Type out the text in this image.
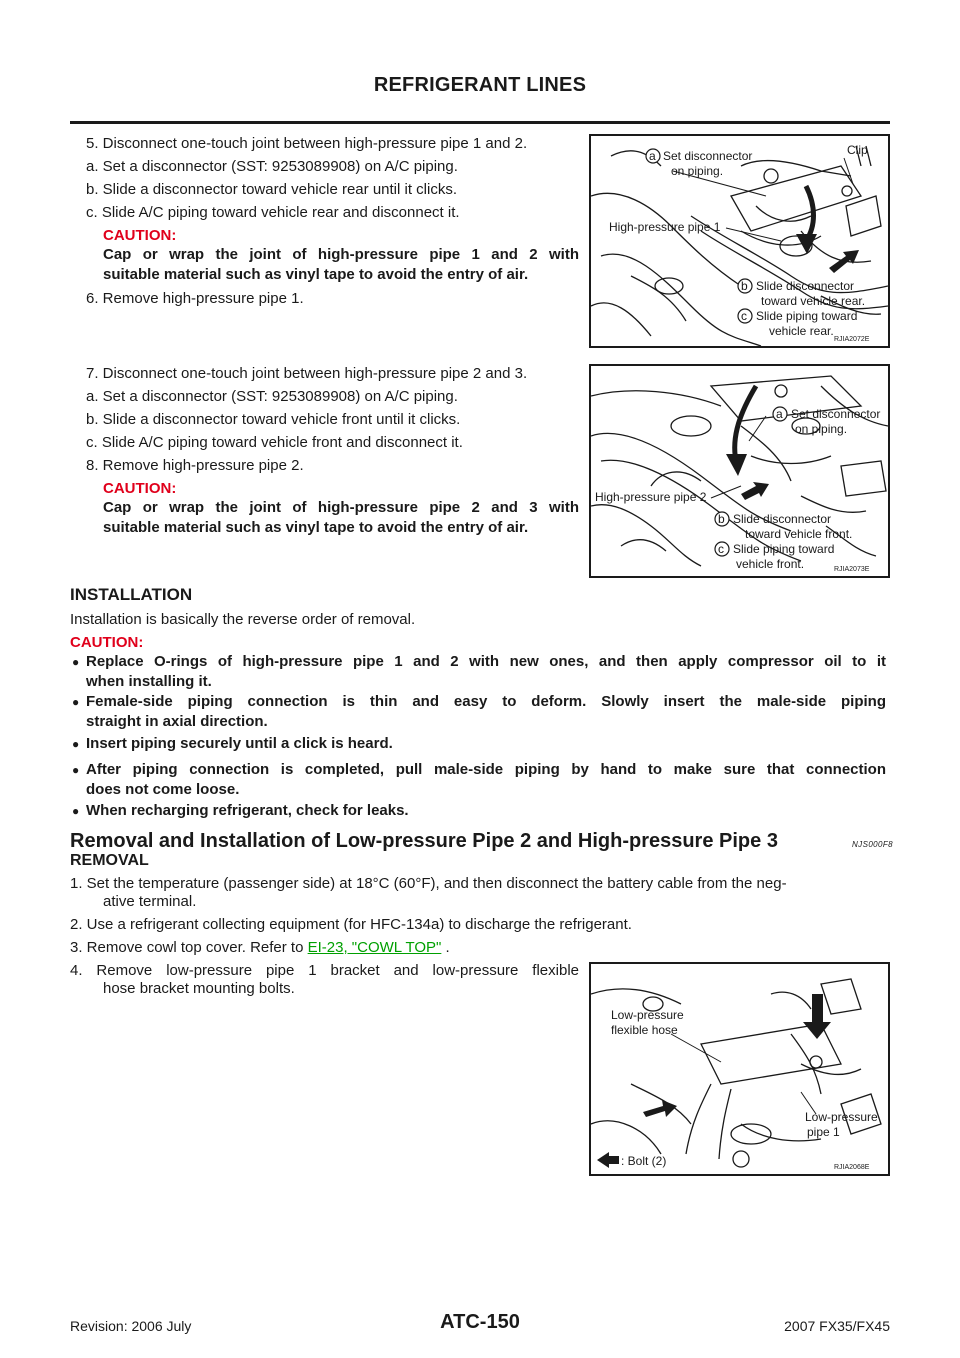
REFRIGERANT LINES
5. Disconnect one-touch joint between high-pressure pipe 1 and 2.
a. Set a disconnector (SST: 9253089908) on A/C piping.
b. Slide a disconnector toward vehicle rear until it clicks.
c. Slide A/C piping toward vehicle rear and disconnect it.
CAUTION:
Cap or wrap the joint of high-pressure pipe 1 and 2 with
suitable material such as vinyl tape to avoid the entry of air.
6. Remove high-pressure pipe 1.
a Set disconnector
on piping.
Clip
High-pressure pipe 1
b Slide disconnector
toward vehicle rear.
c Slide piping toward
vehicle rear.
RJIA2072E
7. Disconnect one-touch joint between high-pressure pipe 2 and 3.
a. Set a disconnector (SST: 9253089908) on A/C piping.
b. Slide a disconnector toward vehicle front until it clicks.
c. Slide A/C piping toward vehicle front and disconnect it.
8. Remove high-pressure pipe 2.
CAUTION:
Cap or wrap the joint of high-pressure pipe 2 and 3 with
suitable material such as vinyl tape to avoid the entry of air.
a Set disconnector
on piping.
High-pressure pipe 2
b Slide disconnector
toward vehicle front.
c Slide piping toward
vehicle front.	RJIA2073E
INSTALLATION
Installation is basically the reverse order of removal.
CAUTION:
● Replace O-rings of high-pressure pipe 1 and 2 with new ones, and then apply compressor oil to it
when installing it.
● Female-side piping connection is thin and easy to deform. Slowly insert the male-side piping
straight in axial direction.
● Insert piping securely until a click is heard.
● After piping connection is completed, pull male-side piping by hand to make sure that connection
does not come loose.
● When recharging refrigerant, check for leaks.
Removal and Installation of Low-pressure Pipe 2 and High-pressure Pipe 3	NJS000F8
REMOVAL
1. Set the temperature (passenger side) at 18°C (60°F), and then disconnect the battery cable from the neg-
ative terminal.
2. Use a refrigerant collecting equipment (for HFC-134a) to discharge the refrigerant.
3. Remove cowl top cover. Refer to EI-23, "COWL TOP" .
4. Remove low-pressure pipe 1 bracket and low-pressure flexible
hose bracket mounting bolts.
Low-pressure
flexible hose
Low-pressure
pipe 1
: Bolt (2)	RJIA2068E
Revision: 2006 July	ATC-150	2007 FX35/FX45
